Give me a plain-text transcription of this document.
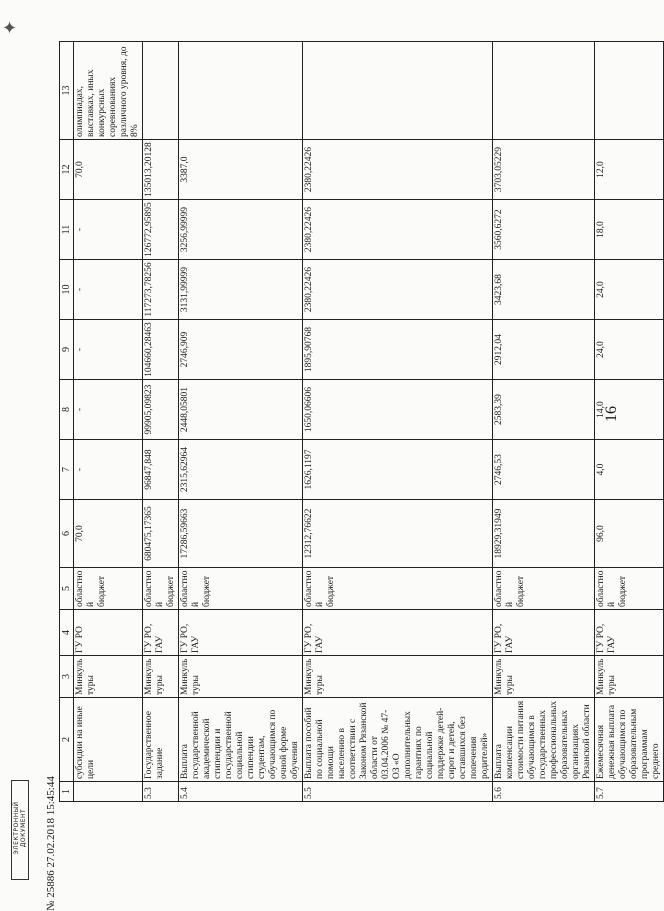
✦
16
1	2	3	4	5	6	7	8	9	10	11	12	13
	субсидии на иные цели	Минкультуры	ГУ РО	областной бюджет	70,0	-	-	-	-	-	70,0	олимпиадах, выставках, иных конкурсных соревнованиях различного уровня, до 8%
5.3	Государственное задание	Минкультуры	ГУ РО, ГАУ	областной бюджет	680475,17365	96847,848	99905,09823	104660,28463	117273,78256	126772,95895	135013,20128	
5.4	Выплата государственной академической стипендии и государственной социальной стипендии студентам, обучающимся по очной форме обучения	Минкультуры	ГУ РО, ГАУ	областной бюджет	17286,59663	2315,62964	2448,05801	2746,909	3131,99999	3256,99999	3387,0	
5.5	Выплата пособий по социальной помощи населению в соответствии с Законом Рязанской области от 03.04.2006 № 47-ОЗ «О дополнительных гарантиях по социальной поддержке детей-сирот и детей, оставшихся без попечения родителей»	Минкультуры	ГУ РО, ГАУ	областной бюджет	12312,76622	1626,1197	1650,06606	1895,90768	2380,22426	2380,22426	2380,22426	
5.6	Выплата компенсации стоимости питания обучающимся в государственных профессиональных образовательных организациях Рязанской области	Минкультуры	ГУ РО, ГАУ	областной бюджет	18929,31949	2746,53	2583,39	2912,04	3423,68	3560,6272	3703,05229	
5.7	Ежемесячная денежная выплата обучающимся по образовательным программам среднего	Минкультуры	ГУ РО, ГАУ	областной бюджет	96,0	4,0	14,0	24,0	24,0	18,0	12,0	
ЭЛЕКТРОННЫЙ ДОКУМЕНТ № 25886 27.02.2018 15:45:44
